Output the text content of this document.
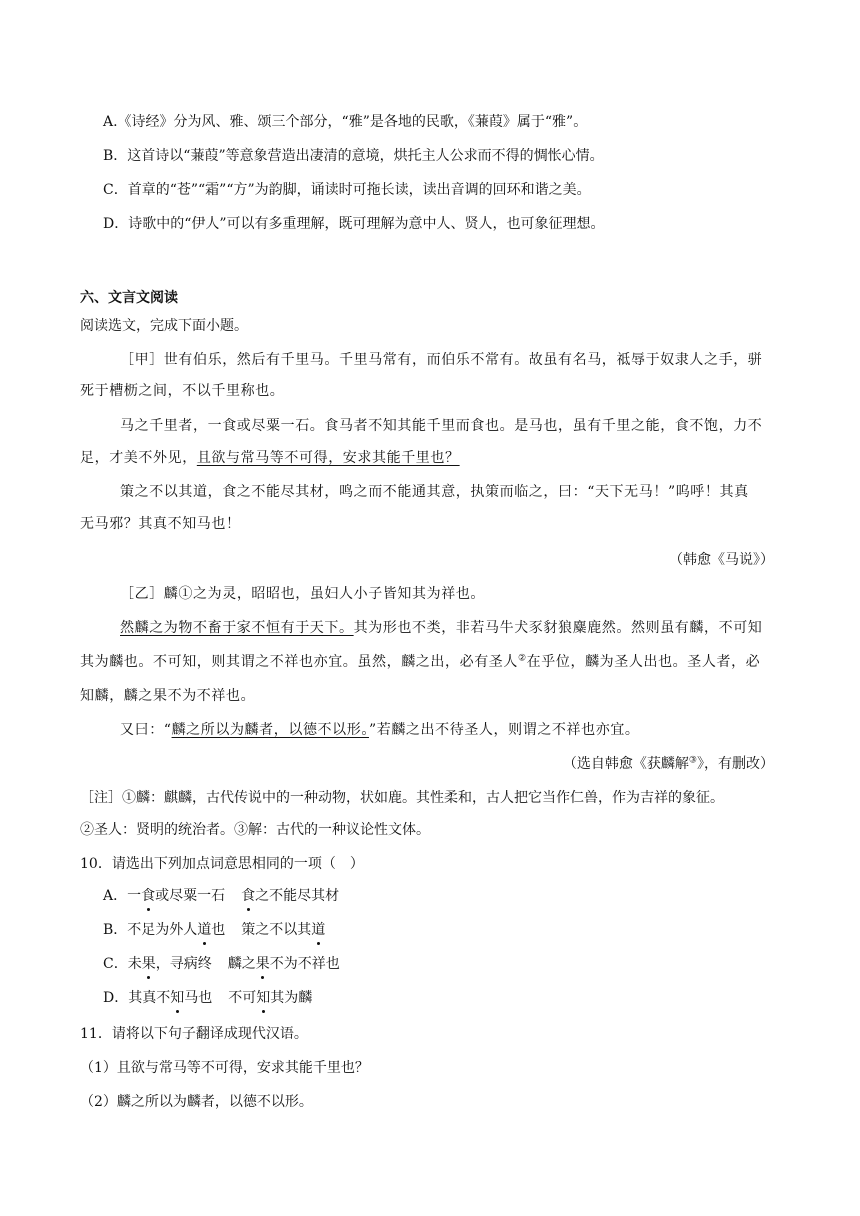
A.《诗经》分为风、雅、颂三个部分，“雅”是各地的民歌，《蒹葭》属于“雅”。
B．这首诗以“蒹葭”等意象营造出凄清的意境，烘托主人公求而不得的惆怅心情。
C．首章的“苍”“霜”“方”为韵脚，诵读时可拖长读，读出音调的回环和谐之美。
D．诗歌中的“伊人”可以有多重理解，既可理解为意中人、贤人，也可象征理想。
六、文言文阅读
阅读选文，完成下面小题。
［甲］世有伯乐，然后有千里马。千里马常有，而伯乐不常有。故虽有名马，祗辱于奴隶人之手，骈
死于槽枥之间，不以千里称也。
马之千里者，一食或尽粟一石。食马者不知其能千里而食也。是马也，虽有千里之能，食不饱，力不
足，才美不外见，且欲与常马等不可得，安求其能千里也？
策之不以其道，食之不能尽其材，鸣之而不能通其意，执策而临之，曰：“天下无马！”呜呼！其真
无马邪？其真不知马也！
（韩愈《马说》）
［乙］麟①之为灵，昭昭也，虽妇人小子皆知其为祥也。
然麟之为物不畜于家不恒有于天下。其为形也不类，非若马牛犬豕豺狼麋鹿然。然则虽有麟，不可知
其为麟也。不可知，则其谓之不祥也亦宜。虽然，麟之出，必有圣人②在乎位，麟为圣人出也。圣人者，必
知麟，麟之果不为不祥也。
又曰：“麟之所以为麟者，以德不以形。”若麟之出不待圣人，则谓之不祥也亦宜。
（选自韩愈《获麟解③》，有删改）
［注］①麟：麒麟，古代传说中的一种动物，状如鹿。其性柔和，古人把它当作仁兽，作为吉祥的象征。
②圣人：贤明的统治者。③解：古代的一种议论性文体。
10．请选出下列加点词意思相同的一项（　）
A．一食或尽粟一石 食之不能尽其材
B．不足为外人道也 策之不以其道
C．未果，寻病终 麟之果不为不祥也
D．其真不知马也 不可知其为麟
11．请将以下句子翻译成现代汉语。
（1）且欲与常马等不可得，安求其能千里也？
（2）麟之所以为麟者，以德不以形。
